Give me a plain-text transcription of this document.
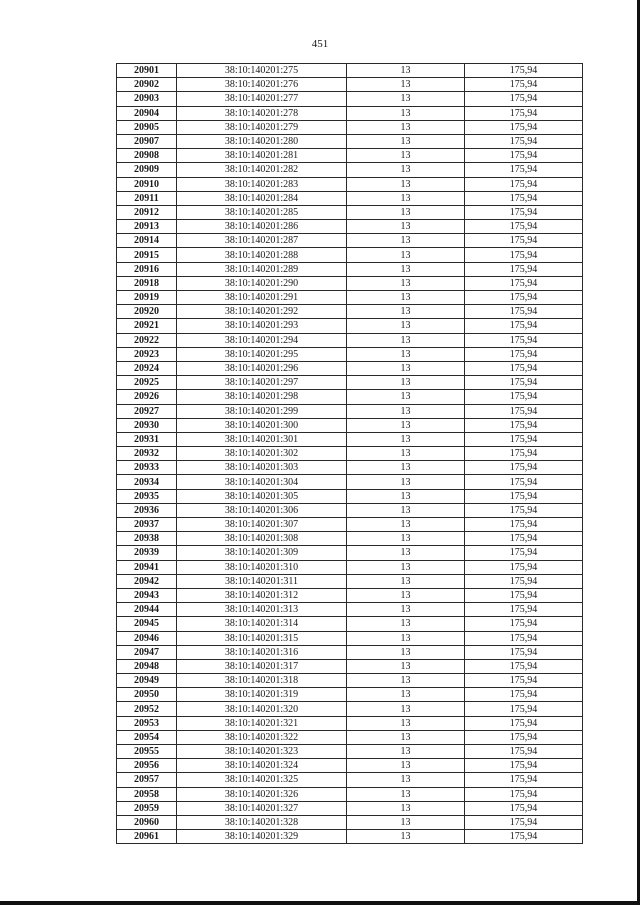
451
20901	38:10:140201:275	13	175,94
20902	38:10:140201:276	13	175,94
20903	38:10:140201:277	13	175,94
20904	38:10:140201:278	13	175,94
20905	38:10:140201:279	13	175,94
20907	38:10:140201:280	13	175,94
20908	38:10:140201:281	13	175,94
20909	38:10:140201:282	13	175,94
20910	38:10:140201:283	13	175,94
20911	38:10:140201:284	13	175,94
20912	38:10:140201:285	13	175,94
20913	38:10:140201:286	13	175,94
20914	38:10:140201:287	13	175,94
20915	38:10:140201:288	13	175,94
20916	38:10:140201:289	13	175,94
20918	38:10:140201:290	13	175,94
20919	38:10:140201:291	13	175,94
20920	38:10:140201:292	13	175,94
20921	38:10:140201:293	13	175,94
20922	38:10:140201:294	13	175,94
20923	38:10:140201:295	13	175,94
20924	38:10:140201:296	13	175,94
20925	38:10:140201:297	13	175,94
20926	38:10:140201:298	13	175,94
20927	38:10:140201:299	13	175,94
20930	38:10:140201:300	13	175,94
20931	38:10:140201:301	13	175,94
20932	38:10:140201:302	13	175,94
20933	38:10:140201:303	13	175,94
20934	38:10:140201:304	13	175,94
20935	38:10:140201:305	13	175,94
20936	38:10:140201:306	13	175,94
20937	38:10:140201:307	13	175,94
20938	38:10:140201:308	13	175,94
20939	38:10:140201:309	13	175,94
20941	38:10:140201:310	13	175,94
20942	38:10:140201:311	13	175,94
20943	38:10:140201:312	13	175,94
20944	38:10:140201:313	13	175,94
20945	38:10:140201:314	13	175,94
20946	38:10:140201:315	13	175,94
20947	38:10:140201:316	13	175,94
20948	38:10:140201:317	13	175,94
20949	38:10:140201:318	13	175,94
20950	38:10:140201:319	13	175,94
20952	38:10:140201:320	13	175,94
20953	38:10:140201:321	13	175,94
20954	38:10:140201:322	13	175,94
20955	38:10:140201:323	13	175,94
20956	38:10:140201:324	13	175,94
20957	38:10:140201:325	13	175,94
20958	38:10:140201:326	13	175,94
20959	38:10:140201:327	13	175,94
20960	38:10:140201:328	13	175,94
20961	38:10:140201:329	13	175,94
